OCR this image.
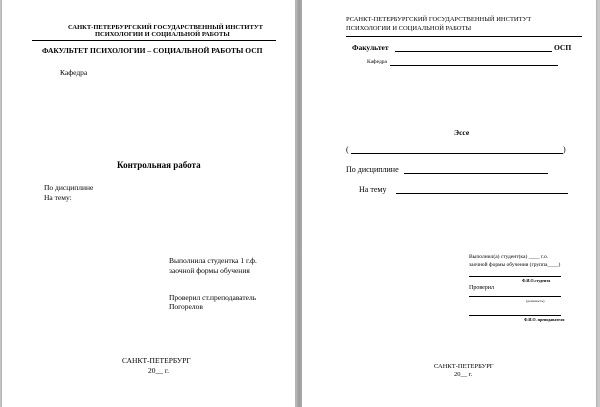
САНКТ-ПЕТЕРБУРГСКИЙ ГОСУДАРСТВЕННЫЙ ИНСТИТУТ
ПСИХОЛОГИИ И СОЦИАЛЬНОЙ РАБОТЫ
ФАКУЛЬТЕТ ПСИХОЛОГИИ – СОЦИАЛЬНОЙ РАБОТЫ ОСП
Кафедра
Контрольная работа
По дисциплине
На тему:
Выполнила студентка 1 г.ф.
заочной формы обучения
Проверил ст.преподаватель
Погорелов
САНКТ-ПЕТЕРБУРГ
20__ г.
РСАНКТ-ПЕТЕРБУРГСКИЙ ГОСУДАРСТВЕННЫЙ ИНСТИТУТ
ПСИХОЛОГИИ И СОЦИАЛЬНОЙ РАБОТЫ
Факультет	ОСП
Кафедра
Эссе
(	)
По дисциплине
На тему
Выполнил(а) студент(ка) ____ г.о.
заочной формы обучения (группа____)
Ф.И.О.студента
Проверил
(должность)
Ф.И.О. преподавателя
САНКТ-ПЕТЕРБУРГ
20__ г.
